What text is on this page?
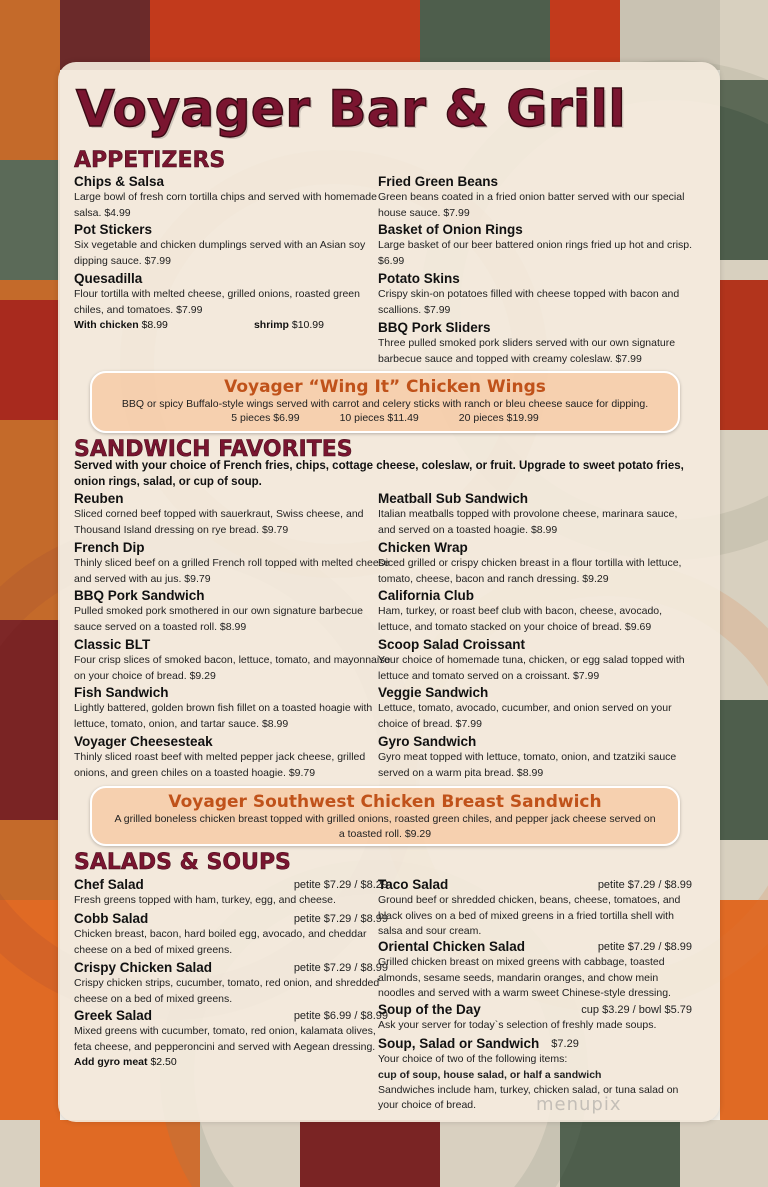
Voyager Bar & Grill
APPETIZERS
Chips & Salsa
Large bowl of fresh corn tortilla chips and served with homemade salsa. $4.99
Pot Stickers
Six vegetable and chicken dumplings served with an Asian soy dipping sauce. $7.99
Quesadilla
Flour tortilla with melted cheese, grilled onions, roasted green chiles, and tomatoes. $7.99
With chicken $8.99	shrimp $10.99
Fried Green Beans
Green beans coated in a fried onion batter served with our special house sauce. $7.99
Basket of Onion Rings
Large basket of our beer battered onion rings fried up hot and crisp. $6.99
Potato Skins
Crispy skin-on potatoes filled with cheese topped with bacon and scallions. $7.99
BBQ Pork Sliders
Three pulled smoked pork sliders served with our own signature barbecue sauce and topped with creamy coleslaw. $7.99
Voyager “Wing It” Chicken Wings
BBQ or spicy Buffalo-style wings served with carrot and celery sticks with ranch or bleu cheese sauce for dipping.
5 pieces $6.99	10 pieces $11.49	20 pieces $19.99
SANDWICH FAVORITES
Served with your choice of French fries, chips, cottage cheese, coleslaw, or fruit. Upgrade to sweet potato fries, onion rings, salad, or cup of soup.
Reuben
Sliced corned beef topped with sauerkraut, Swiss cheese, and Thousand Island dressing on rye bread. $9.79
French Dip
Thinly sliced beef on a grilled French roll topped with melted cheese and served with au jus. $9.79
BBQ Pork Sandwich
Pulled smoked pork smothered in our own signature barbecue sauce served on a toasted roll. $8.99
Classic BLT
Four crisp slices of smoked bacon, lettuce, tomato, and mayonnaise on your choice of bread. $9.29
Fish Sandwich
Lightly battered, golden brown fish fillet on a toasted hoagie with lettuce, tomato, onion, and tartar sauce. $8.99
Voyager Cheesesteak
Thinly sliced roast beef with melted pepper jack cheese, grilled onions, and green chiles on a toasted hoagie. $9.79
Meatball Sub Sandwich
Italian meatballs topped with provolone cheese, marinara sauce, and served on a toasted hoagie. $8.99
Chicken Wrap
Diced grilled or crispy chicken breast in a flour tortilla with lettuce, tomato, cheese, bacon and ranch dressing. $9.29
California Club
Ham, turkey, or roast beef club with bacon, cheese, avocado, lettuce, and tomato stacked on your choice of bread. $9.69
Scoop Salad Croissant
Your choice of homemade tuna, chicken, or egg salad topped with lettuce and tomato served on a croissant. $7.99
Veggie Sandwich
Lettuce, tomato, avocado, cucumber, and onion served on your choice of bread. $7.99
Gyro Sandwich
Gyro meat topped with lettuce, tomato, onion, and tzatziki sauce served on a warm pita bread. $8.99
Voyager Southwest Chicken Breast Sandwich
A grilled boneless chicken breast topped with grilled onions, roasted green chiles, and pepper jack cheese served on a toasted roll. $9.29
SALADS & SOUPS
Chef Salad	petite $7.29 / $8.29
Fresh greens topped with ham, turkey, egg, and cheese.
Cobb Salad	petite $7.29 / $8.99
Chicken breast, bacon, hard boiled egg, avocado, and cheddar cheese on a bed of mixed greens.
Crispy Chicken Salad	petite $7.29 / $8.99
Crispy chicken strips, cucumber, tomato, red onion, and shredded cheese on a bed of mixed greens.
Greek Salad	petite $6.99 / $8.99
Mixed greens with cucumber, tomato, red onion, kalamata olives, feta cheese, and pepperoncini and served with Aegean dressing.
Add gyro meat $2.50
Taco Salad	petite $7.29 / $8.99
Ground beef or shredded chicken, beans, cheese, tomatoes, and black olives on a bed of mixed greens in a fried tortilla shell with salsa and sour cream.
Oriental Chicken Salad	petite $7.29 / $8.99
Grilled chicken breast on mixed greens with cabbage, toasted almonds, sesame seeds, mandarin oranges, and chow mein noodles and served with a warm sweet Chinese-style dressing.
Soup of the Day	cup $3.29 / bowl $5.79
Ask your server for today`s selection of freshly made soups.
Soup, Salad or Sandwich $7.29
Your choice of two of the following items:
cup of soup, house salad, or half a sandwich
Sandwiches include ham, turkey, chicken salad, or tuna salad on your choice of bread.	menupix
